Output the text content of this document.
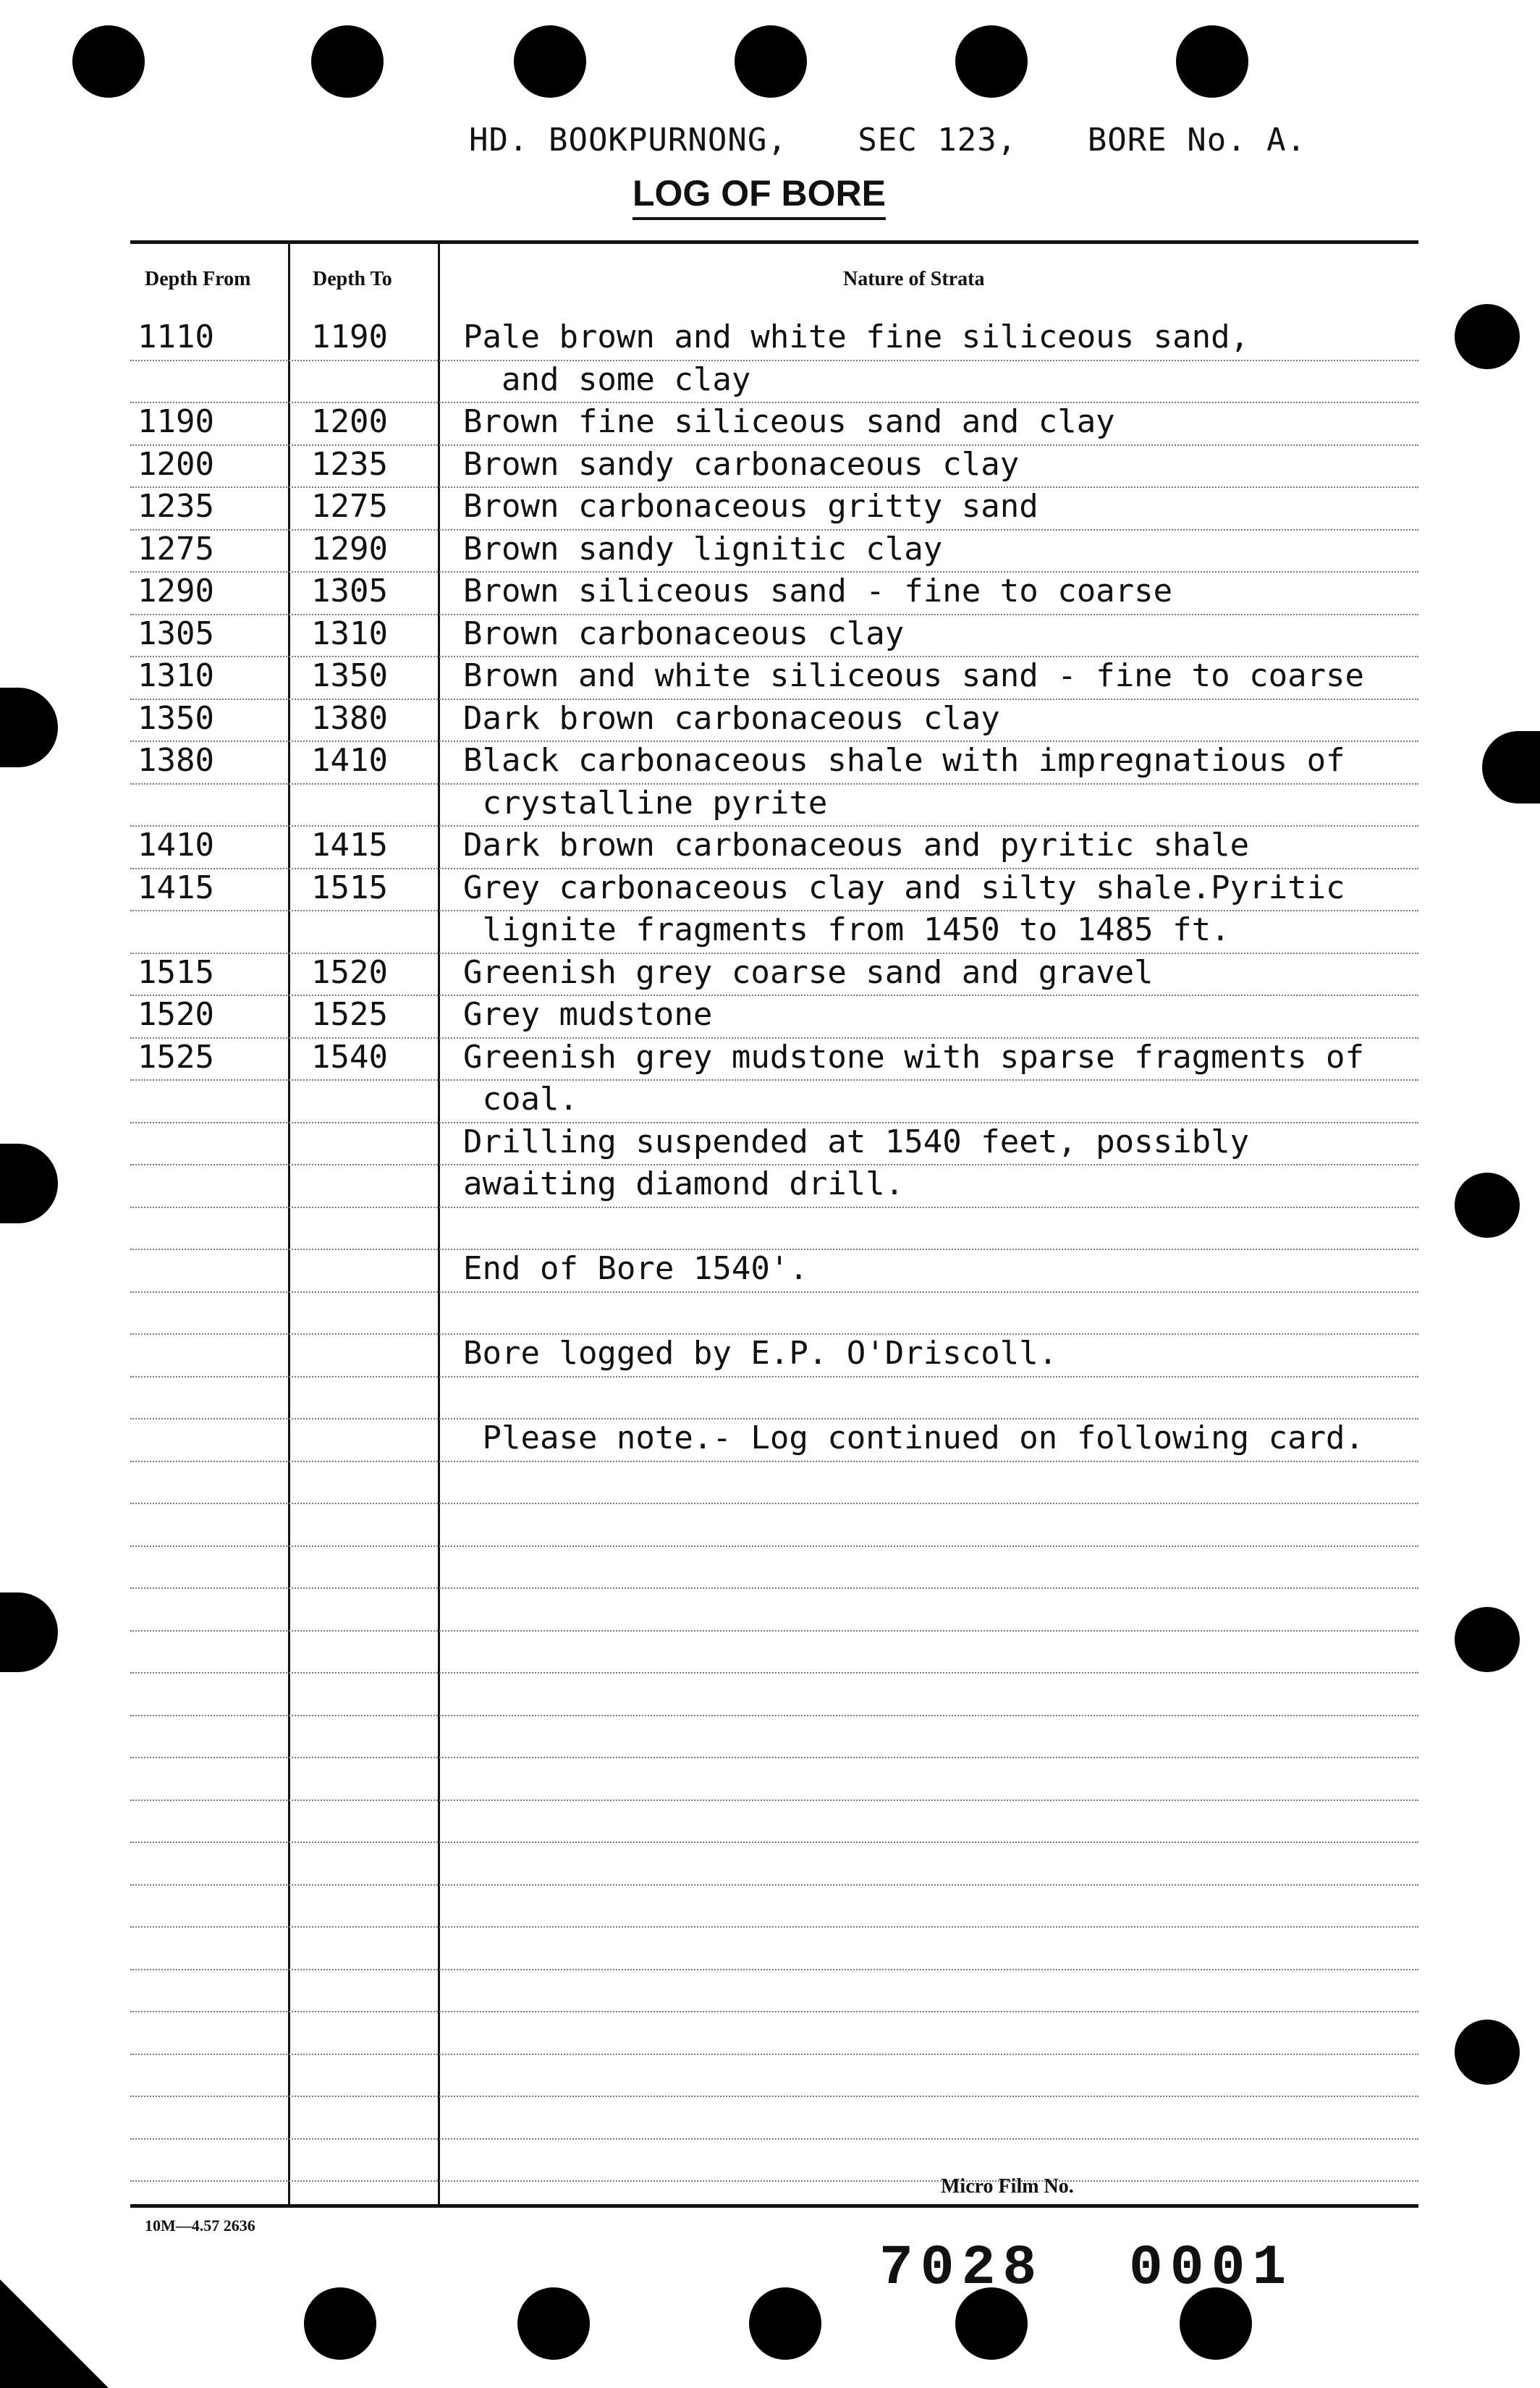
HD. BOOKPURNONG, SEC 123, BORE No. A.
LOG OF BORE
Depth From	Depth To	Nature of Strata
1110	1190	Pale brown and white fine siliceous sand,
and some clay
1190	1200	Brown fine siliceous sand and clay
1200	1235	Brown sandy carbonaceous clay
1235	1275	Brown carbonaceous gritty sand
1275	1290	Brown sandy lignitic clay
1290	1305	Brown siliceous sand - fine to coarse
1305	1310	Brown carbonaceous clay
1310	1350	Brown and white siliceous sand - fine to coarse
1350	1380	Dark brown carbonaceous clay
1380	1410	Black carbonaceous shale with impregnatious of
crystalline pyrite
1410	1415	Dark brown carbonaceous and pyritic shale
1415	1515	Grey carbonaceous clay and silty shale.Pyritic
lignite fragments from 1450 to 1485 ft.
1515	1520	Greenish grey coarse sand and gravel
1520	1525	Grey mudstone
1525	1540	Greenish grey mudstone with sparse fragments of
coal.
Drilling suspended at 1540 feet, possibly
awaiting diamond drill.
End of Bore 1540'.
Bore logged by E.P. O'Driscoll.
Please note.- Log continued on following card.
Micro Film No.
10M—4.57 2636
7028 0001
